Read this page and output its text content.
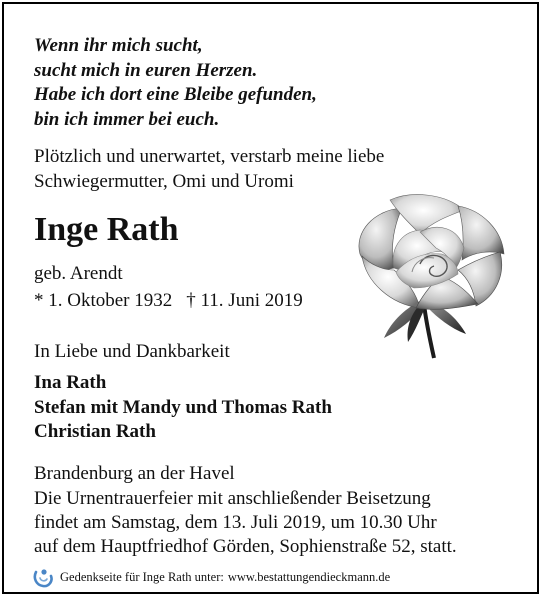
Wenn ihr mich sucht,
sucht mich in euren Herzen.
Habe ich dort eine Bleibe gefunden,
bin ich immer bei euch.
Plötzlich und unerwartet, verstarb meine liebe
Schwiegermutter, Omi und Uromi
Inge Rath
geb. Arendt
* 1. Oktober 1932 † 11. Juni 2019
In Liebe und Dankbarkeit
Ina Rath
Stefan mit Mandy und Thomas Rath
Christian Rath
Brandenburg an der Havel
Die Urnentrauerfeier mit anschließender Beisetzung
findet am Samstag, dem 13. Juli 2019, um 10.30 Uhr
auf dem Hauptfriedhof Görden, Sophienstraße 52, statt.
Gedenkseite für Inge Rath unter: www.bestattungendieckmann.de
